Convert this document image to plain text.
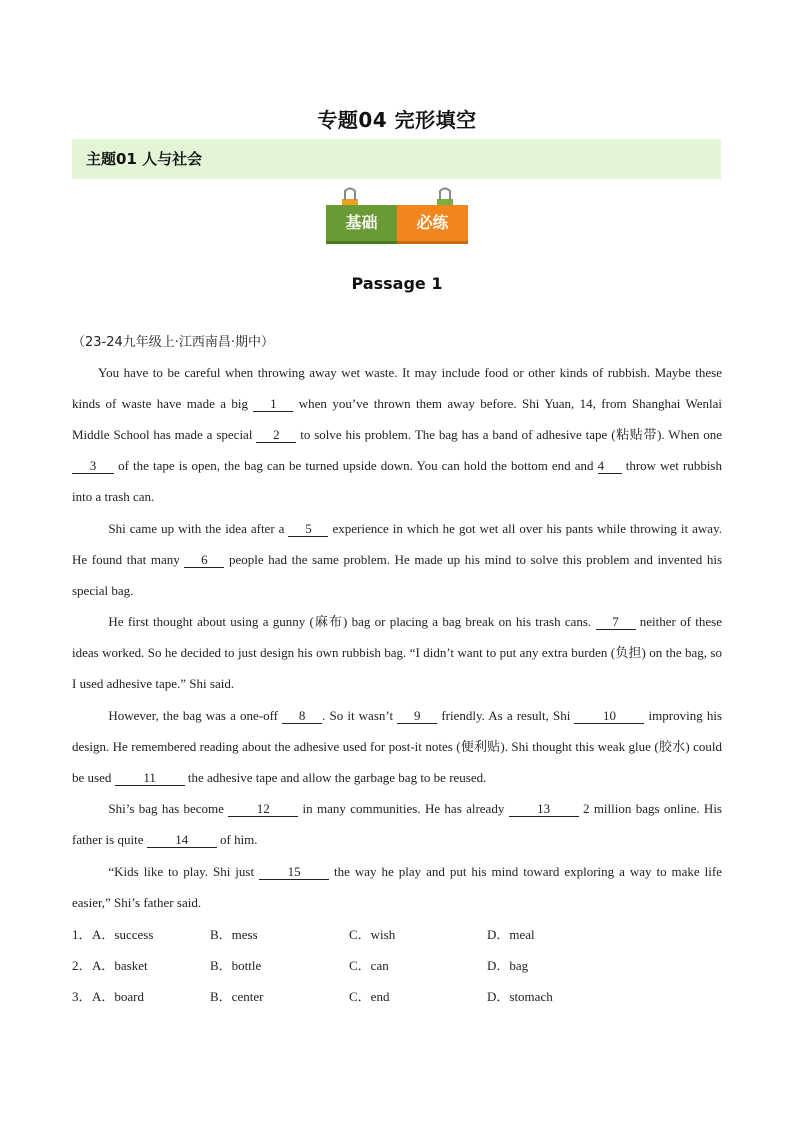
专题04 完形填空
主题01 人与社会
基础	必练
Passage 1
（23-24九年级上·江西南昌·期中）
You have to be careful when throwing away wet waste. It may include food or other kinds of rubbish. Maybe these kinds of waste have made a big 1 when you’ve thrown them away before. Shi Yuan, 14, from Shanghai Wenlai Middle School has made a special 2 to solve his problem. The bag has a band of adhesive tape (粘贴带). When one 3 of the tape is open, the bag can be turned upside down. You can hold the bottom end and 4 throw wet rubbish into a trash can.
Shi came up with the idea after a 5 experience in which he got wet all over his pants while throwing it away. He found that many 6 people had the same problem. He made up his mind to solve this problem and invented his special bag.
He first thought about using a gunny (麻布) bag or placing a bag break on his trash cans. 7 neither of these ideas worked. So he decided to just design his own rubbish bag. “I didn’t want to put any extra burden (负担) on the bag, so I used adhesive tape.” Shi said.
However, the bag was a one-off 8 . So it wasn’t 9 friendly. As a result, Shi 10 improving his design. He remembered reading about the adhesive used for post-it notes (便利贴). Shi thought this weak glue (胶水) could be used 11 the adhesive tape and allow the garbage bag to be reused.
Shi’s bag has become 12 in many communities. He has already 13 2 million bags online. His father is quite 14 of him.
“Kids like to play. Shi just 15 the way he play and put his mind toward exploring a way to make life easier,” Shi’s father said.
1． A．success	B．mess	C．wish	D．meal
2． A．basket	B．bottle	C．can	D．bag
3． A．board	B．center	C．end	D．stomach
